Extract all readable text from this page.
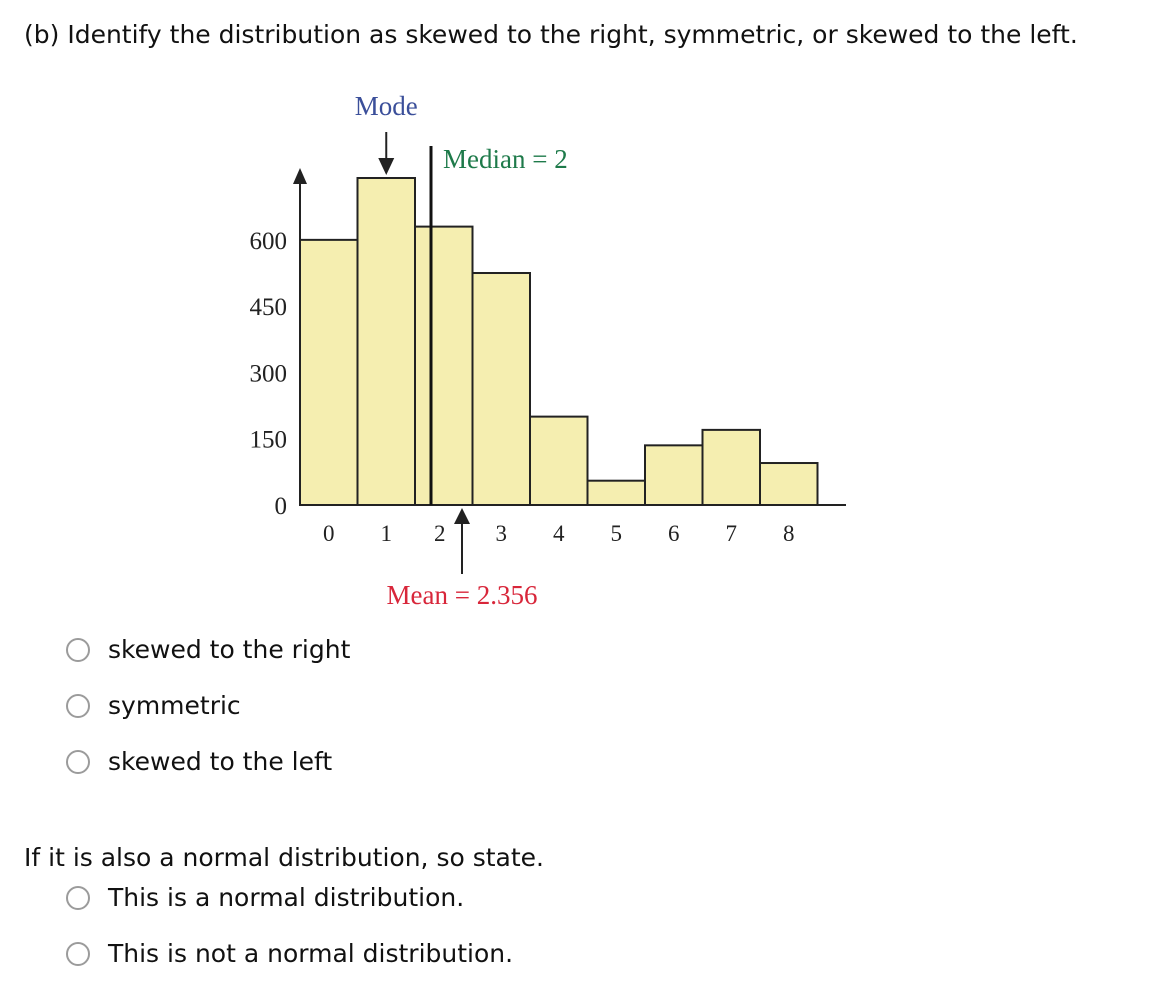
(b) Identify the distribution as skewed to the right, symmetric, or skewed to the left.
0
150
300
450
600
0 1 2 3 4 5 6 7 8
Mode
Median = 2
Mean = 2.356
skewed to the right
symmetric
skewed to the left
If it is also a normal distribution, so state.
This is a normal distribution.
This is not a normal distribution.
